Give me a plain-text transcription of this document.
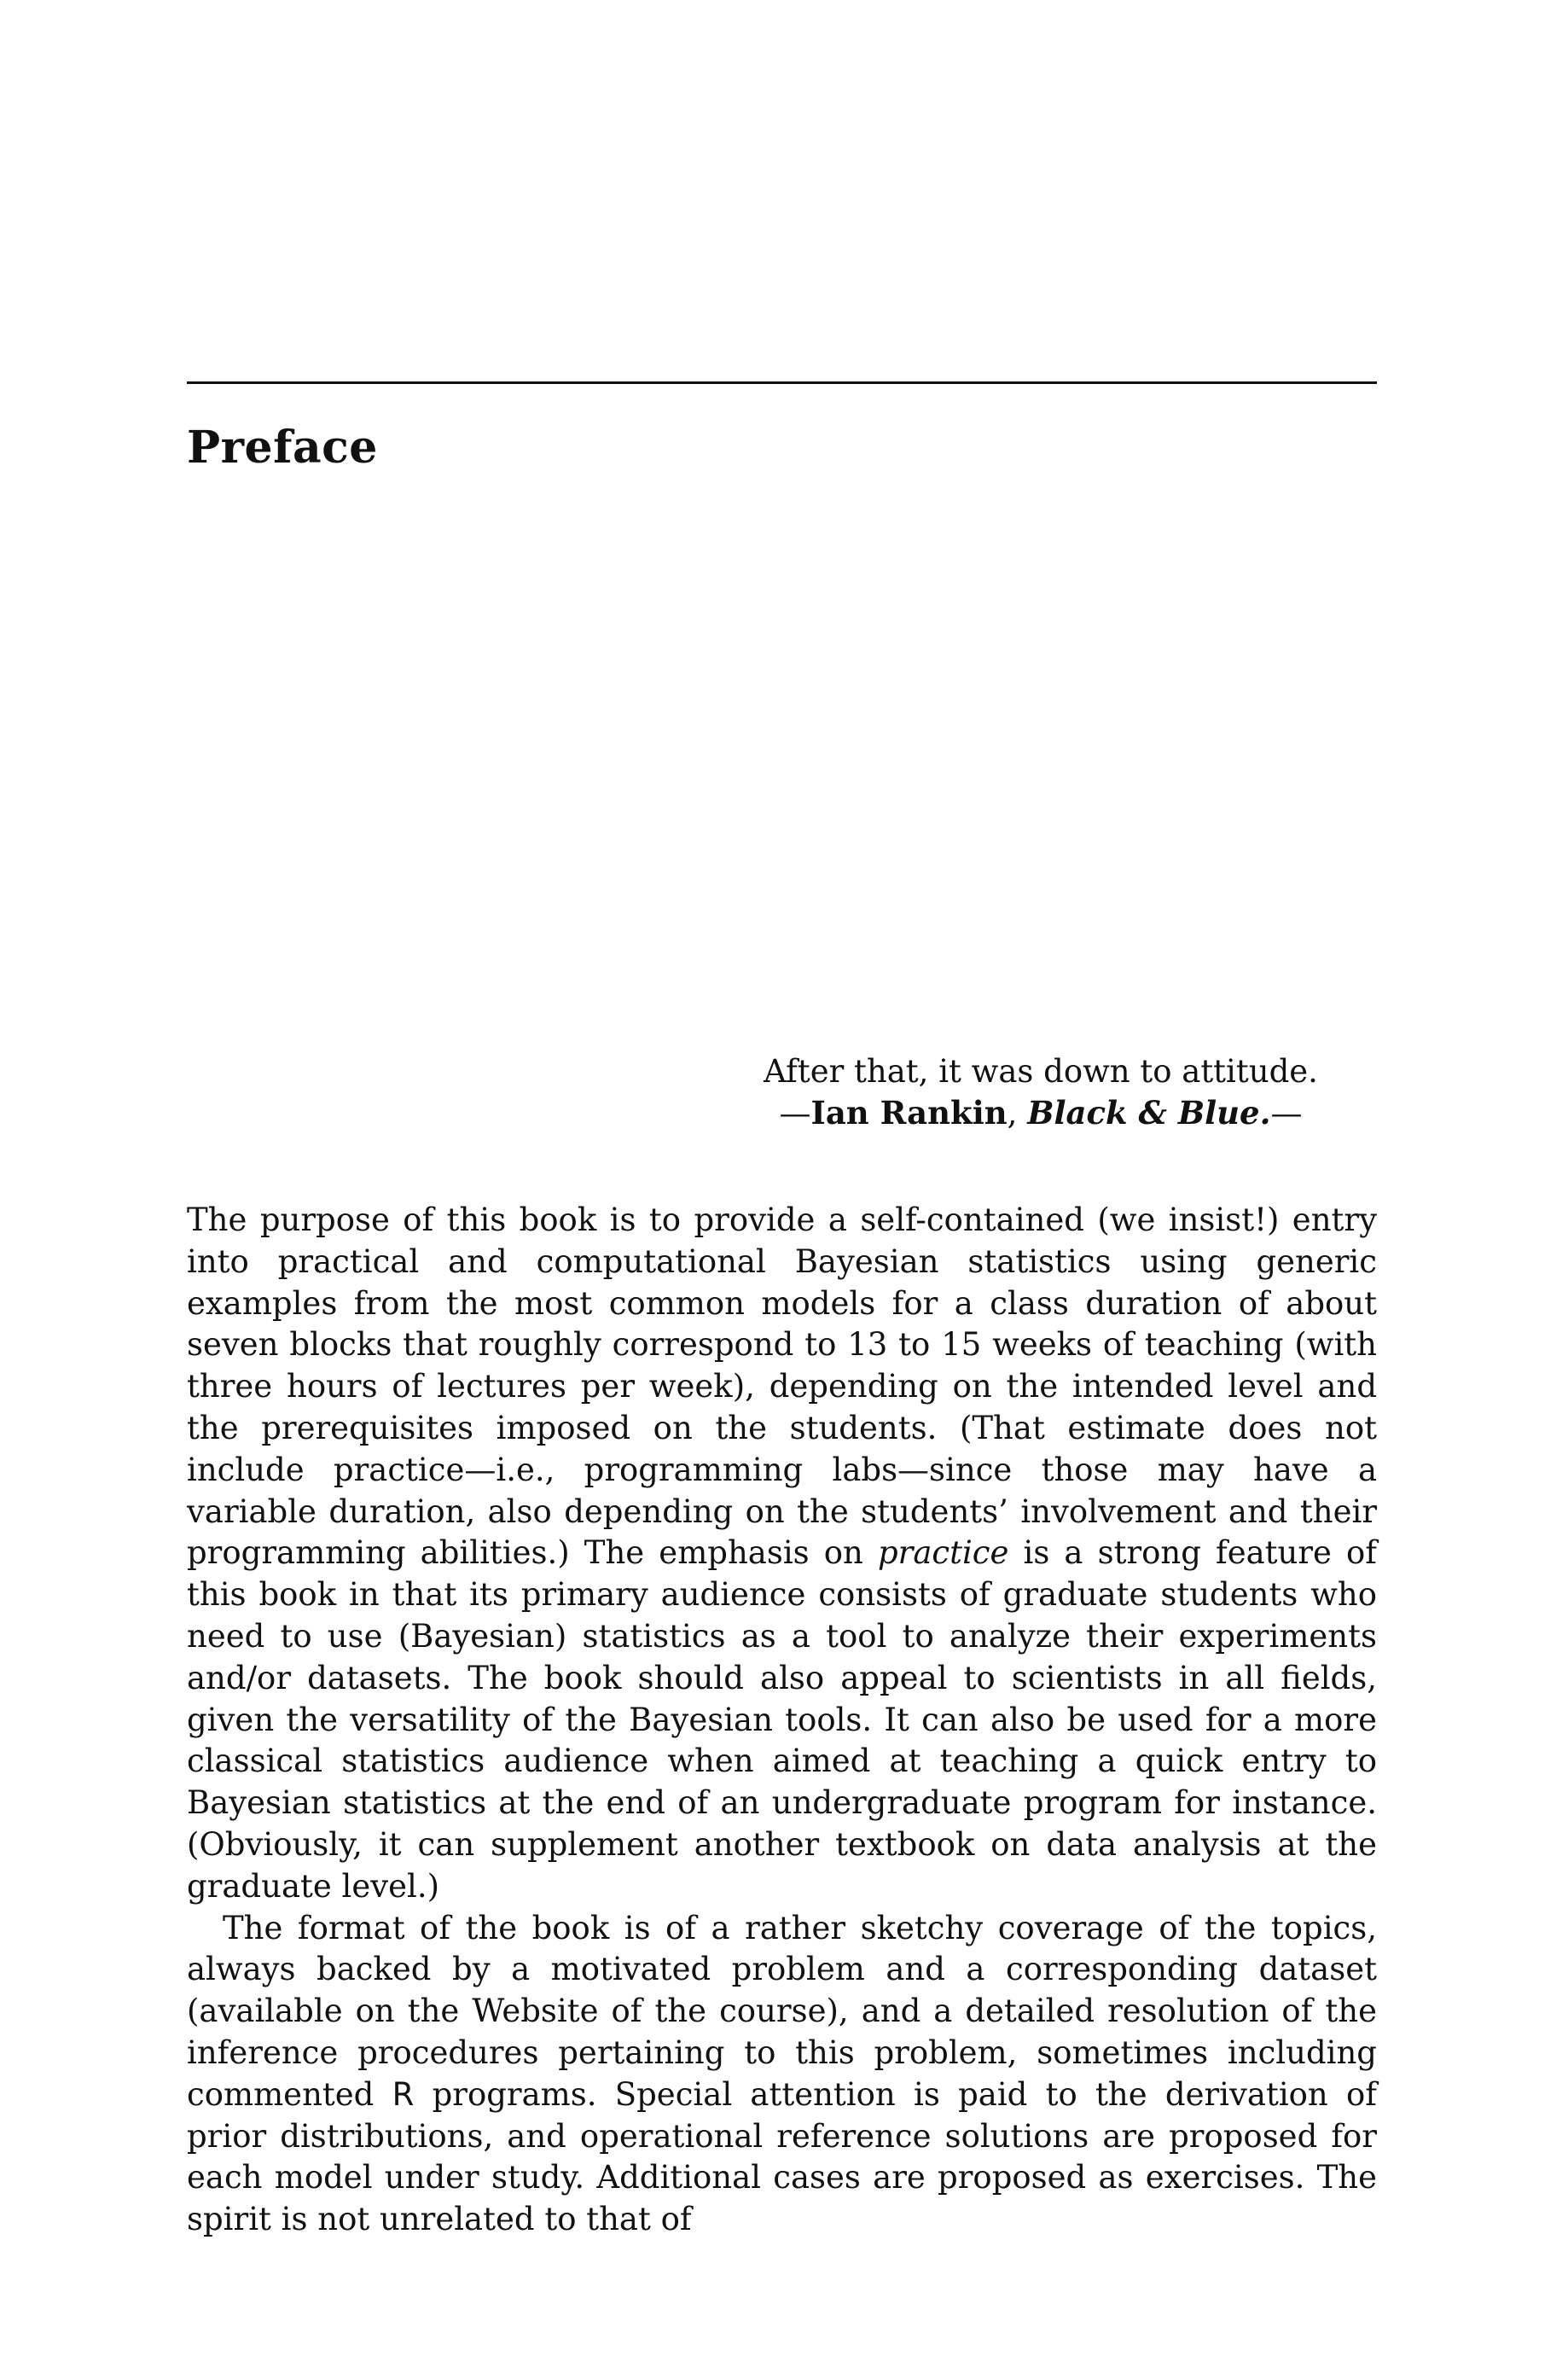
Preface
After that, it was down to attitude.
—Ian Rankin, Black & Blue.—

The purpose of this book is to provide a self-contained (we insist!) entry into practical and computational Bayesian statistics using generic examples from the most common models for a class duration of about seven blocks that roughly correspond to 13 to 15 weeks of teaching (with three hours of lectures per week), depending on the intended level and the prerequisites imposed on the students. (That estimate does not include practice—i.e., programming labs—since those may have a variable duration, also depending on the students’ involvement and their programming abilities.) The emphasis on practice is a strong feature of this book in that its primary audience consists of graduate students who need to use (Bayesian) statistics as a tool to analyze their experiments and/or datasets. The book should also appeal to scientists in all fields, given the versatility of the Bayesian tools. It can also be used for a more classical statistics audience when aimed at teaching a quick entry to Bayesian statistics at the end of an undergraduate program for instance. (Obviously, it can supplement another textbook on data analysis at the graduate level.)

The format of the book is of a rather sketchy coverage of the topics, always backed by a motivated problem and a corresponding dataset (available on the Website of the course), and a detailed resolution of the inference procedures pertaining to this problem, sometimes including commented R programs. Special attention is paid to the derivation of prior distributions, and operational reference solutions are proposed for each model under study. Additional cases are proposed as exercises. The spirit is not unrelated to that of
